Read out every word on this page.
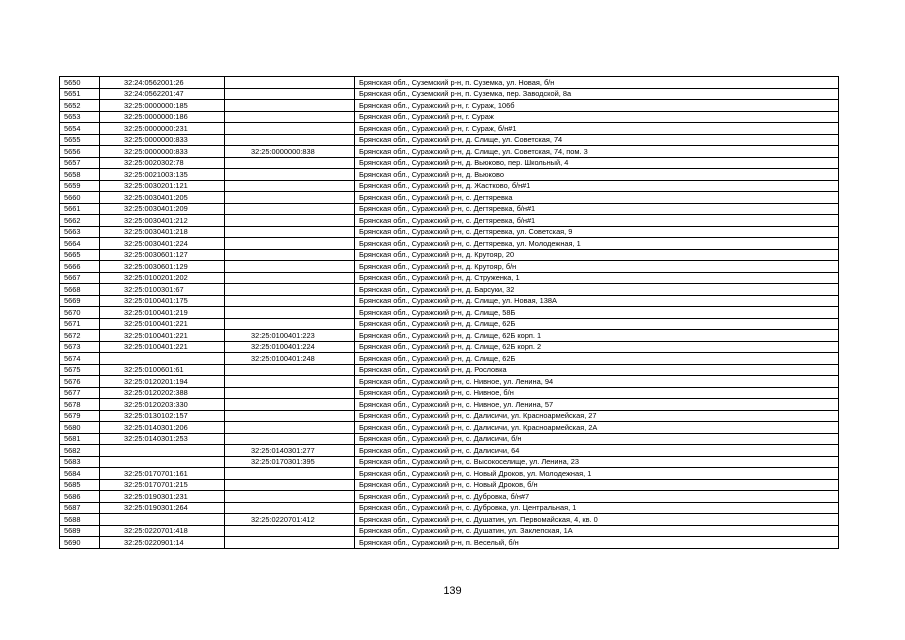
5650	32:24:0562001:26		Брянская обл., Суземский р-н, п. Суземка, ул. Новая, б/н
5651	32:24:0562201:47		Брянская обл., Суземский р-н, п. Суземка, пер. Заводской, 8а
5652	32:25:0000000:185		Брянская обл., Суражский р-н, г. Сураж, 106б
5653	32:25:0000000:186		Брянская обл., Суражский р-н, г. Сураж
5654	32:25:0000000:231		Брянская обл., Суражский р-н, г. Сураж, б/н#1
5655	32:25:0000000:833		Брянская обл., Суражский р-н, д. Слище, ул. Советская, 74
5656	32:25:0000000:833	32:25:0000000:838	Брянская обл., Суражский р-н, д. Слище, ул. Советская, 74, пом. 3
5657	32:25:0020302:78		Брянская обл., Суражский р-н, д. Вьюково, пер. Школьный, 4
5658	32:25:0021003:135		Брянская обл., Суражский р-н, д. Вьюково
5659	32:25:0030201:121		Брянская обл., Суражский р-н, д. Жастково, б/н#1
5660	32:25:0030401:205		Брянская обл., Суражский р-н, с. Дегтяревка
5661	32:25:0030401:209		Брянская обл., Суражский р-н, с. Дегтяревка, б/н#1
5662	32:25:0030401:212		Брянская обл., Суражский р-н, с. Дегтяревка, б/н#1
5663	32:25:0030401:218		Брянская обл., Суражский р-н, с. Дегтяревка, ул. Советская, 9
5664	32:25:0030401:224		Брянская обл., Суражский р-н, с. Дегтяревка, ул. Молодежная, 1
5665	32:25:0030601:127		Брянская обл., Суражский р-н, д. Крутояр, 20
5666	32:25:0030601:129		Брянская обл., Суражский р-н, д. Крутояр, б/н
5667	32:25:0100201:202		Брянская обл., Суражский р-н, д. Струженка, 1
5668	32:25:0100301:67		Брянская обл., Суражский р-н, д. Барсуки, 32
5669	32:25:0100401:175		Брянская обл., Суражский р-н, д. Слище, ул. Новая, 138А
5670	32:25:0100401:219		Брянская обл., Суражский р-н, д. Слище, 58Б
5671	32:25:0100401:221		Брянская обл., Суражский р-н, д. Слище, 62Б
5672	32:25:0100401:221	32:25:0100401:223	Брянская обл., Суражский р-н, д. Слище, 62Б корп. 1
5673	32:25:0100401:221	32:25:0100401:224	Брянская обл., Суражский р-н, д. Слище, 62Б корп. 2
5674		32:25:0100401:248	Брянская обл., Суражский р-н, д. Слище, 62Б
5675	32:25:0100601:61		Брянская обл., Суражский р-н, д. Рословка
5676	32:25:0120201:194		Брянская обл., Суражский р-н, с. Нивное, ул. Ленина, 94
5677	32:25:0120202:388		Брянская обл., Суражский р-н, с. Нивное, б/н
5678	32:25:0120203:330		Брянская обл., Суражский р-н, с. Нивное, ул. Ленина, 57
5679	32:25:0130102:157		Брянская обл., Суражский р-н, с. Далисичи, ул. Красноармейская, 27
5680	32:25:0140301:206		Брянская обл., Суражский р-н, с. Далисичи, ул. Красноармейская, 2А
5681	32:25:0140301:253		Брянская обл., Суражский р-н, с. Далисичи, б/н
5682		32:25:0140301:277	Брянская обл., Суражский р-н, с. Далисичи, 64
5683		32:25:0170301:395	Брянская обл., Суражский р-н, с. Высокоселище, ул. Ленина, 23
5684	32:25:0170701:161		Брянская обл., Суражский р-н, с. Новый Дроков, ул. Молодежная, 1
5685	32:25:0170701:215		Брянская обл., Суражский р-н, с. Новый Дроков, б/н
5686	32:25:0190301:231		Брянская обл., Суражский р-н, с. Дубровка, б/н#7
5687	32:25:0190301:264		Брянская обл., Суражский р-н, с. Дубровка, ул. Центральная, 1
5688		32:25:0220701:412	Брянская обл., Суражский р-н, с. Душатин, ул. Первомайская, 4, кв. 0
5689	32:25:0220701:418		Брянская обл., Суражский р-н, с. Душатин, ул. Заклепская, 1А
5690	32:25:0220901:14		Брянская обл., Суражский р-н, п. Веселый, б/н
139
